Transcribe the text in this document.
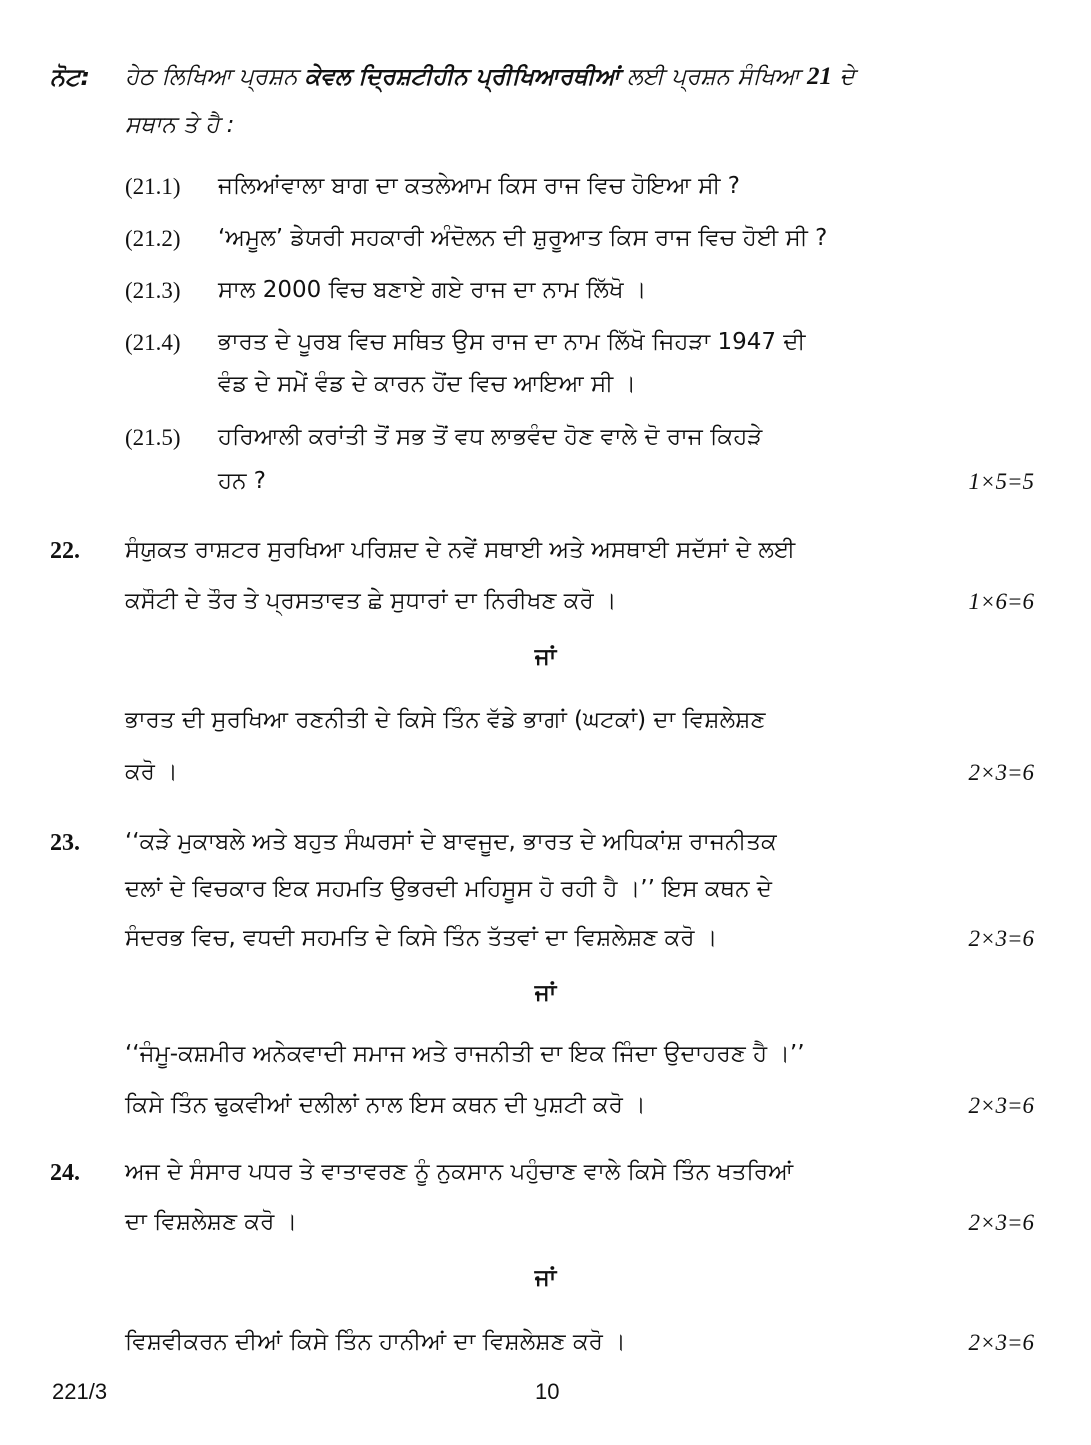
ਨੋਟ: ਹੇਠ ਲਿਖਿਆ ਪ੍ਰਸ਼ਨ ਕੇਵਲ ਦ੍ਰਿਸ਼ਟੀਹੀਨ ਪ੍ਰੀਖਿਆਰਥੀਆਂ ਲਈ ਪ੍ਰਸ਼ਨ ਸੰਖਿਆ 21 ਦੇ
ਸਥਾਨ ਤੇ ਹੈ :
(21.1) ਜਲਿਆਂਵਾਲਾ ਬਾਗ ਦਾ ਕਤਲੇਆਮ ਕਿਸ ਰਾਜ ਵਿਚ ਹੋਇਆ ਸੀ ?
(21.2) ‘ਅਮੂਲ’ ਡੇਯਰੀ ਸਹਕਾਰੀ ਅੰਦੋਲਨ ਦੀ ਸ਼ੁਰੂਆਤ ਕਿਸ ਰਾਜ ਵਿਚ ਹੋਈ ਸੀ ?
(21.3) ਸਾਲ 2000 ਵਿਚ ਬਣਾਏ ਗਏ ਰਾਜ ਦਾ ਨਾਮ ਲਿੱਖੋ ।
(21.4) ਭਾਰਤ ਦੇ ਪੂਰਬ ਵਿਚ ਸਥਿਤ ਉਸ ਰਾਜ ਦਾ ਨਾਮ ਲਿੱਖੋ ਜਿਹੜਾ 1947 ਦੀ
ਵੰਡ ਦੇ ਸਮੇਂ ਵੰਡ ਦੇ ਕਾਰਨ ਹੋਂਦ ਵਿਚ ਆਇਆ ਸੀ ।
(21.5) ਹਰਿਆਲੀ ਕਰਾਂਤੀ ਤੋਂ ਸਭ ਤੋਂ ਵਧ ਲਾਭਵੰਦ ਹੋਣ ਵਾਲੇ ਦੋ ਰਾਜ ਕਿਹੜੇ
ਹਨ ?	1×5=5
22. ਸੰਯੁਕਤ ਰਾਸ਼ਟਰ ਸੁਰਖਿਆ ਪਰਿਸ਼ਦ ਦੇ ਨਵੇਂ ਸਥਾਈ ਅਤੇ ਅਸਥਾਈ ਸਦੱਸਾਂ ਦੇ ਲਈ
ਕਸੌਟੀ ਦੇ ਤੌਰ ਤੇ ਪ੍ਰਸਤਾਵਤ ਛੇ ਸੁਧਾਰਾਂ ਦਾ ਨਿਰੀਖਣ ਕਰੋ ।	1×6=6
ਜਾਂ
ਭਾਰਤ ਦੀ ਸੁਰਖਿਆ ਰਣਨੀਤੀ ਦੇ ਕਿਸੇ ਤਿੰਨ ਵੱਡੇ ਭਾਗਾਂ (ਘਟਕਾਂ) ਦਾ ਵਿਸ਼ਲੇਸ਼ਣ
ਕਰੋ ।	2×3=6
23. ‘‘ਕੜੇ ਮੁਕਾਬਲੇ ਅਤੇ ਬਹੁਤ ਸੰਘਰਸਾਂ ਦੇ ਬਾਵਜੂਦ, ਭਾਰਤ ਦੇ ਅਧਿਕਾਂਸ਼ ਰਾਜਨੀਤਕ
ਦਲਾਂ ਦੇ ਵਿਚਕਾਰ ਇਕ ਸਹਮਤਿ ਉਭਰਦੀ ਮਹਿਸੂਸ ਹੋ ਰਹੀ ਹੈ ।’’ ਇਸ ਕਥਨ ਦੇ
ਸੰਦਰਭ ਵਿਚ, ਵਧਦੀ ਸਹਮਤਿ ਦੇ ਕਿਸੇ ਤਿੰਨ ਤੱਤਵਾਂ ਦਾ ਵਿਸ਼ਲੇਸ਼ਣ ਕਰੋ ।	2×3=6
ਜਾਂ
‘‘ਜੰਮੂ-ਕਸ਼ਮੀਰ ਅਨੇਕਵਾਦੀ ਸਮਾਜ ਅਤੇ ਰਾਜਨੀਤੀ ਦਾ ਇਕ ਜਿੰਦਾ ਉਦਾਹਰਣ ਹੈ ।’’
ਕਿਸੇ ਤਿੰਨ ਢੁਕਵੀਆਂ ਦਲੀਲਾਂ ਨਾਲ ਇਸ ਕਥਨ ਦੀ ਪੁਸ਼ਟੀ ਕਰੋ ।	2×3=6
24. ਅਜ ਦੇ ਸੰਸਾਰ ਪਧਰ ਤੇ ਵਾਤਾਵਰਣ ਨੂੰ ਨੁਕਸਾਨ ਪਹੁੰਚਾਣ ਵਾਲੇ ਕਿਸੇ ਤਿੰਨ ਖਤਰਿਆਂ
ਦਾ ਵਿਸ਼ਲੇਸ਼ਣ ਕਰੋ ।	2×3=6
ਜਾਂ
ਵਿਸ਼ਵੀਕਰਨ ਦੀਆਂ ਕਿਸੇ ਤਿੰਨ ਹਾਨੀਆਂ ਦਾ ਵਿਸ਼ਲੇਸ਼ਣ ਕਰੋ ।	2×3=6
221/3	10
